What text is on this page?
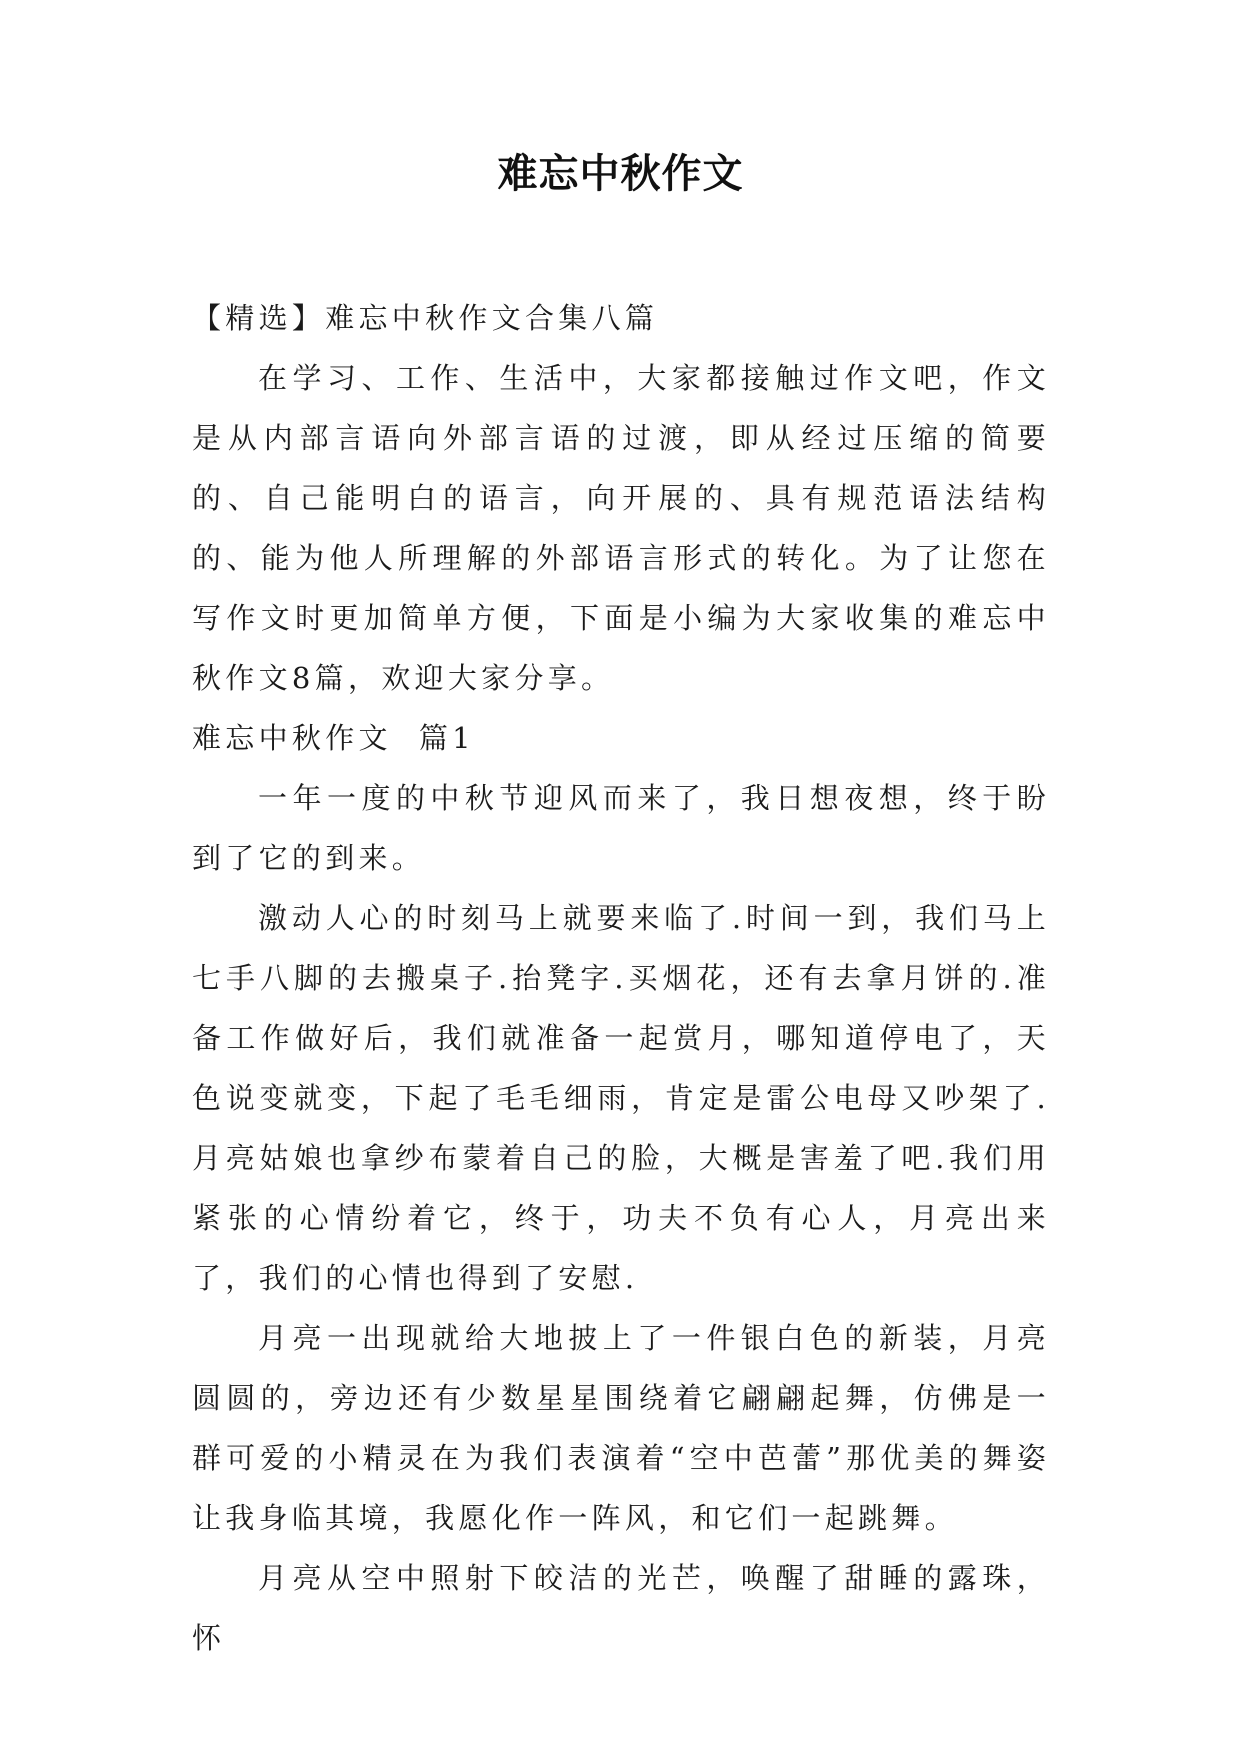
难忘中秋作文

【精选】难忘中秋作文合集八篇

在学习、工作、生活中，大家都接触过作文吧，作文是从内部言语向外部言语的过渡，即从经过压缩的简要的、自己能明白的语言，向开展的、具有规范语法结构的、能为他人所理解的外部语言形式的转化。为了让您在写作文时更加简单方便，下面是小编为大家收集的难忘中秋作文8篇，欢迎大家分享。

难忘中秋作文  篇1

一年一度的中秋节迎风而来了，我日想夜想，终于盼到了它的到来。

激动人心的时刻马上就要来临了.时间一到，我们马上七手八脚的去搬桌子.抬凳字.买烟花，还有去拿月饼的.准备工作做好后，我们就准备一起赏月，哪知道停电了，天色说变就变，下起了毛毛细雨，肯定是雷公电母又吵架了.月亮姑娘也拿纱布蒙着自己的脸，大概是害羞了吧.我们用紧张的心情纷着它，终于，功夫不负有心人，月亮出来了，我们的心情也得到了安慰.

月亮一出现就给大地披上了一件银白色的新装，月亮圆圆的，旁边还有少数星星围绕着它翩翩起舞，仿佛是一群可爱的小精灵在为我们表演着“空中芭蕾”那优美的舞姿让我身临其境，我愿化作一阵风，和它们一起跳舞。

月亮从空中照射下皎洁的光芒，唤醒了甜睡的露珠，怀
